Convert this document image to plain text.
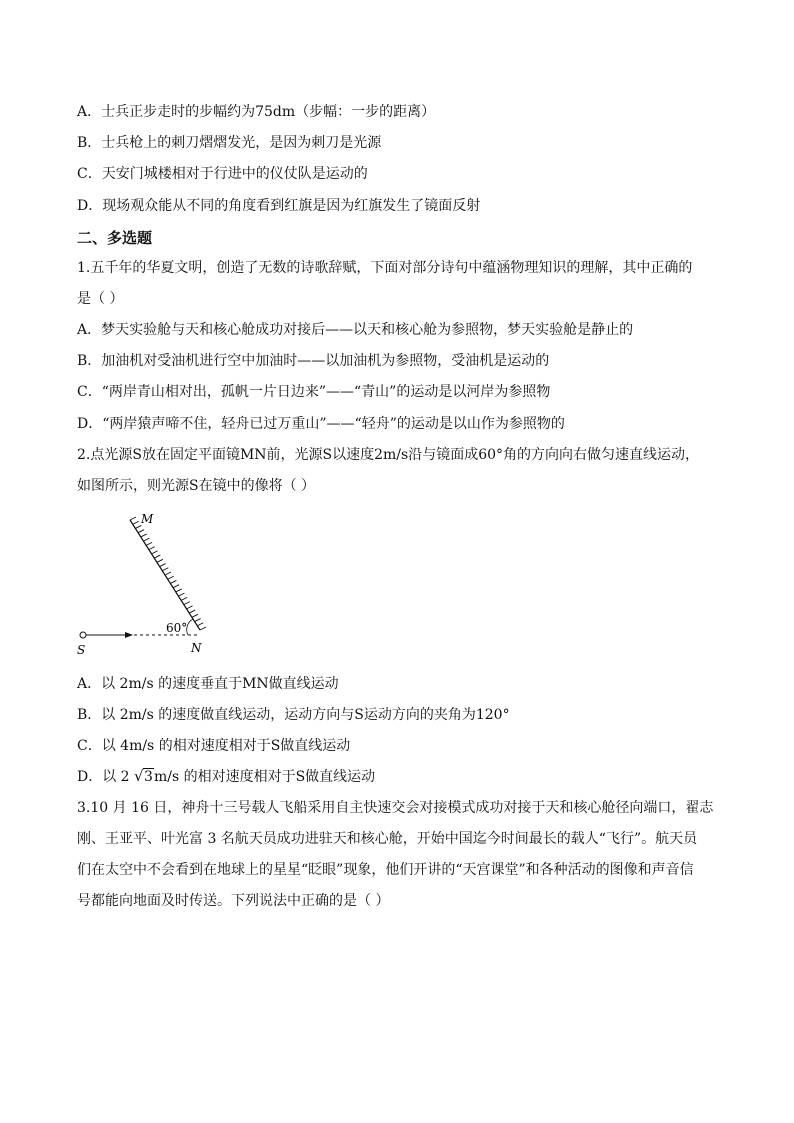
A．士兵正步走时的步幅约为75dm（步幅：一步的距离）
B．士兵枪上的刺刀熠熠发光，是因为刺刀是光源
C．天安门城楼相对于行进中的仪仗队是运动的
D．现场观众能从不同的角度看到红旗是因为红旗发生了镜面反射
二、多选题
1.五千年的华夏文明，创造了无数的诗歌辞赋，下面对部分诗句中蕴涵物理知识的理解，其中正确的
是（ ）
A．梦天实验舱与天和核心舱成功对接后——以天和核心舱为参照物，梦天实验舱是静止的
B．加油机对受油机进行空中加油时——以加油机为参照物，受油机是运动的
C．“两岸青山相对出，孤帆一片日边来”——“青山”的运动是以河岸为参照物
D．“两岸猿声啼不住，轻舟已过万重山”——“轻舟”的运动是以山作为参照物的
2.点光源S放在固定平面镜MN前，光源S以速度2m/s沿与镜面成60°角的方向向右做匀速直线运动，
如图所示，则光源S在镜中的像将（ ）
M
N
S
60°
A．以 2m/s 的速度垂直于MN做直线运动
B．以 2m/s 的速度做直线运动，运动方向与S运动方向的夹角为120°
C．以 4m/s 的相对速度相对于S做直线运动
D．以 2 √ 3m/s 的相对速度相对于S做直线运动
3.10 月 16 日，神舟十三号载人飞船采用自主快速交会对接模式成功对接于天和核心舱径向端口，翟志
刚、王亚平、叶光富 3 名航天员成功进驻天和核心舱，开始中国迄今时间最长的载人“飞行”。航天员
们在太空中不会看到在地球上的星星“眨眼”现象，他们开讲的“天宫课堂”和各种活动的图像和声音信
号都能向地面及时传送。下列说法中正确的是（ ）
